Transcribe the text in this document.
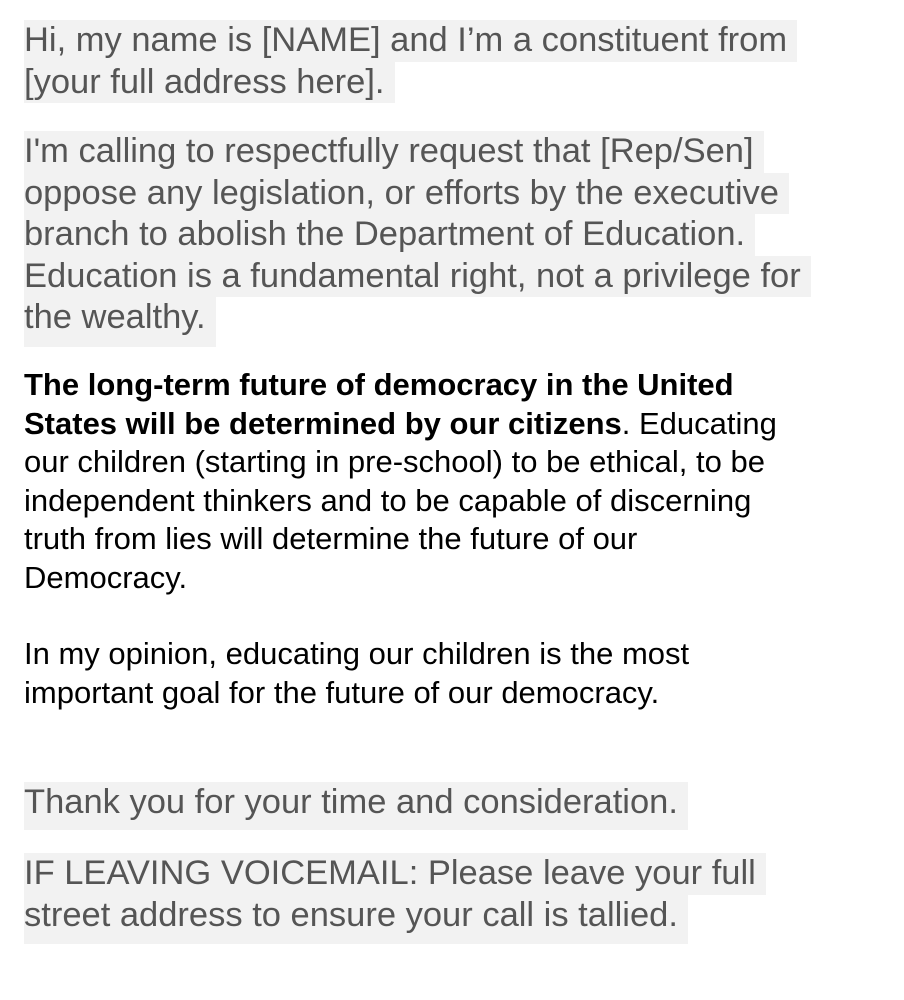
Hi, my name is [NAME] and I’m a constituent from
[your full address here].

I'm calling to respectfully request that [Rep/Sen]
oppose any legislation, or efforts by the executive
branch to abolish the Department of Education.
Education is a fundamental right, not a privilege for
the wealthy.

The long-term future of democracy in the United
States will be determined by our citizens. Educating
our children (starting in pre-school) to be ethical, to be
independent thinkers and to be capable of discerning
truth from lies will determine the future of our
Democracy.

In my opinion, educating our children is the most
important goal for the future of our democracy.

Thank you for your time and consideration.

IF LEAVING VOICEMAIL: Please leave your full
street address to ensure your call is tallied.
